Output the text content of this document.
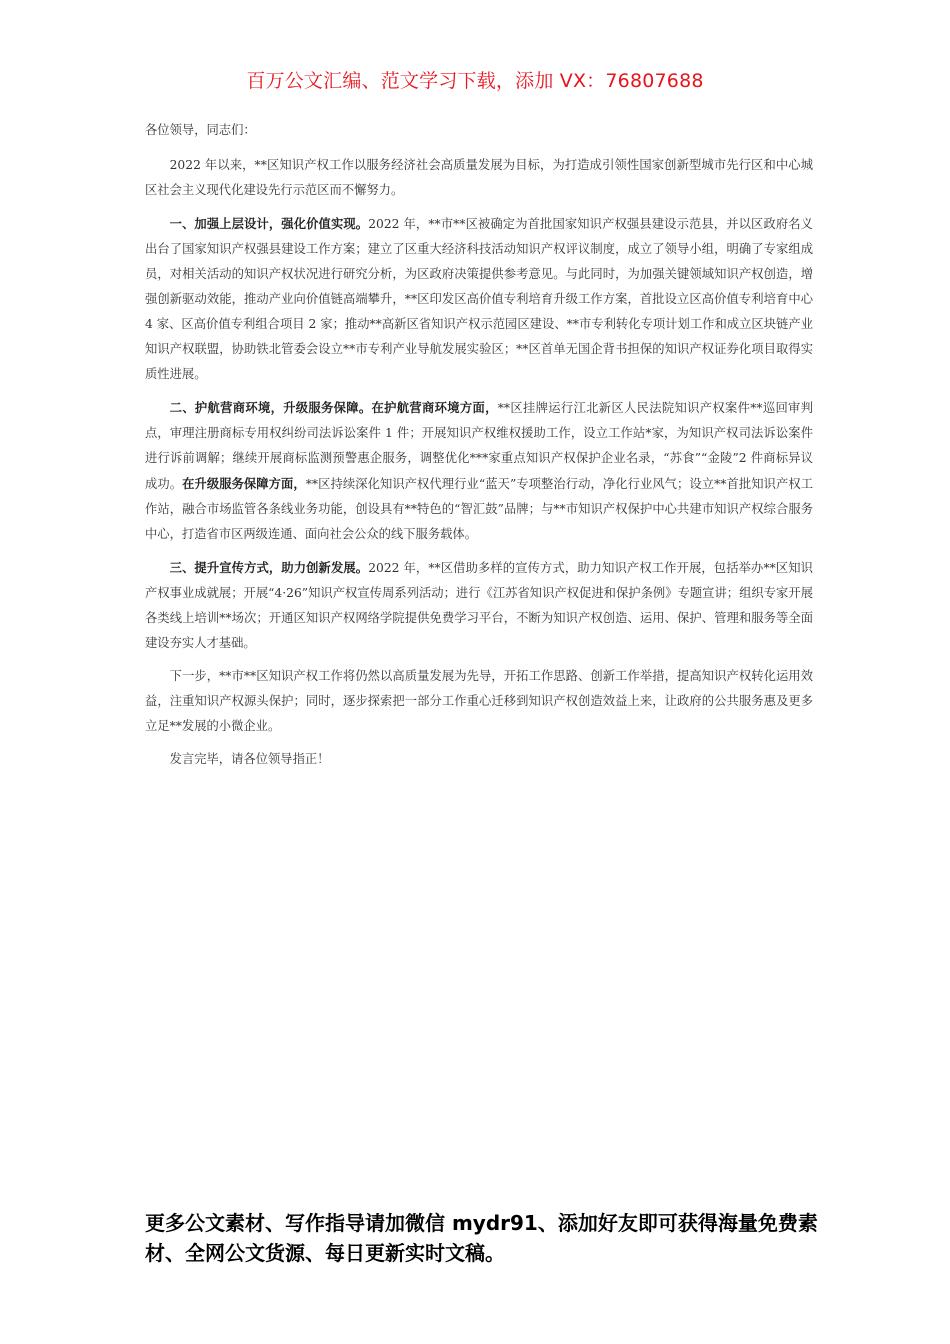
百万公文汇编、范文学习下载，添加 VX：76807688

各位领导，同志们：

2022 年以来，**区知识产权工作以服务经济社会高质量发展为目标，为打造成引领性国家创新型城市先行区和中心城区社会主义现代化建设先行示范区而不懈努力。

一、加强上层设计，强化价值实现。2022 年，**市**区被确定为首批国家知识产权强县建设示范县，并以区政府名义出台了国家知识产权强县建设工作方案；建立了区重大经济科技活动知识产权评议制度，成立了领导小组，明确了专家组成员，对相关活动的知识产权状况进行研究分析，为区政府决策提供参考意见。与此同时，为加强关键领域知识产权创造，增强创新驱动效能，推动产业向价值链高端攀升，**区印发区高价值专利培育升级工作方案，首批设立区高价值专利培育中心 4 家、区高价值专利组合项目 2 家；推动**高新区省知识产权示范园区建设、**市专利转化专项计划工作和成立区块链产业知识产权联盟，协助铁北管委会设立**市专利产业导航发展实验区；**区首单无国企背书担保的知识产权证券化项目取得实质性进展。

二、护航营商环境，升级服务保障。在护航营商环境方面，**区挂牌运行江北新区人民法院知识产权案件**巡回审判点，审理注册商标专用权纠纷司法诉讼案件 1 件；开展知识产权维权援助工作，设立工作站*家，为知识产权司法诉讼案件进行诉前调解；继续开展商标监测预警惠企服务，调整优化***家重点知识产权保护企业名录，“苏食”“金陵”2 件商标异议成功。在升级服务保障方面，**区持续深化知识产权代理行业“蓝天”专项整治行动，净化行业风气；设立**首批知识产权工作站，融合市场监管各条线业务功能，创设具有**特色的“智汇鼓”品牌；与**市知识产权保护中心共建市知识产权综合服务中心，打造省市区两级连通、面向社会公众的线下服务载体。

三、提升宣传方式，助力创新发展。2022 年，**区借助多样的宣传方式，助力知识产权工作开展，包括举办**区知识产权事业成就展；开展“4·26”知识产权宣传周系列活动；进行《江苏省知识产权促进和保护条例》专题宣讲；组织专家开展各类线上培训**场次；开通区知识产权网络学院提供免费学习平台，不断为知识产权创造、运用、保护、管理和服务等全面建设夯实人才基础。

下一步，**市**区知识产权工作将仍然以高质量发展为先导，开拓工作思路、创新工作举措，提高知识产权转化运用效益，注重知识产权源头保护；同时，逐步探索把一部分工作重心迁移到知识产权创造效益上来，让政府的公共服务惠及更多立足**发展的小微企业。

发言完毕，请各位领导指正！

更多公文素材、写作指导请加微信 mydr91、添加好友即可获得海量免费素材、全网公文货源、每日更新实时文稿。
